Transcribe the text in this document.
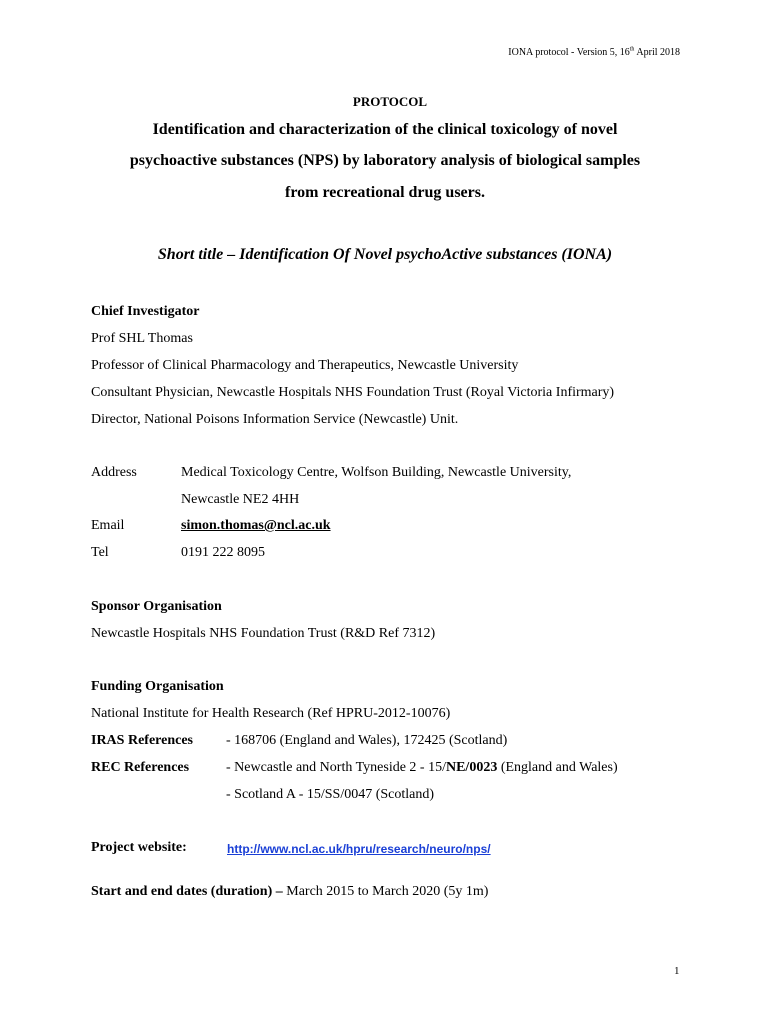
IONA protocol - Version 5, 16th April 2018
PROTOCOL
Identification and characterization of the clinical toxicology of novel
psychoactive substances (NPS) by laboratory analysis of biological samples
from recreational drug users.
Short title – Identification Of Novel psychoActive substances (IONA)
Chief Investigator
Prof SHL Thomas
Professor of Clinical Pharmacology and Therapeutics, Newcastle University
Consultant Physician, Newcastle Hospitals NHS Foundation Trust (Royal Victoria Infirmary)
Director, National Poisons Information Service (Newcastle) Unit.
Address	Medical Toxicology Centre, Wolfson Building, Newcastle University,
Newcastle NE2 4HH
Email	simon.thomas@ncl.ac.uk
Tel	0191 222 8095
Sponsor Organisation
Newcastle Hospitals NHS Foundation Trust (R&D Ref 7312)
Funding Organisation
National Institute for Health Research (Ref HPRU-2012-10076)
IRAS References - 168706 (England and Wales), 172425 (Scotland)
REC References	- Newcastle and North Tyneside 2 - 15/NE/0023 (England and Wales)
- Scotland A - 15/SS/0047 (Scotland)
Project website:	http://www.ncl.ac.uk/hpru/research/neuro/nps/
Start and end dates (duration) – March 2015 to March 2020 (5y 1m)
1
